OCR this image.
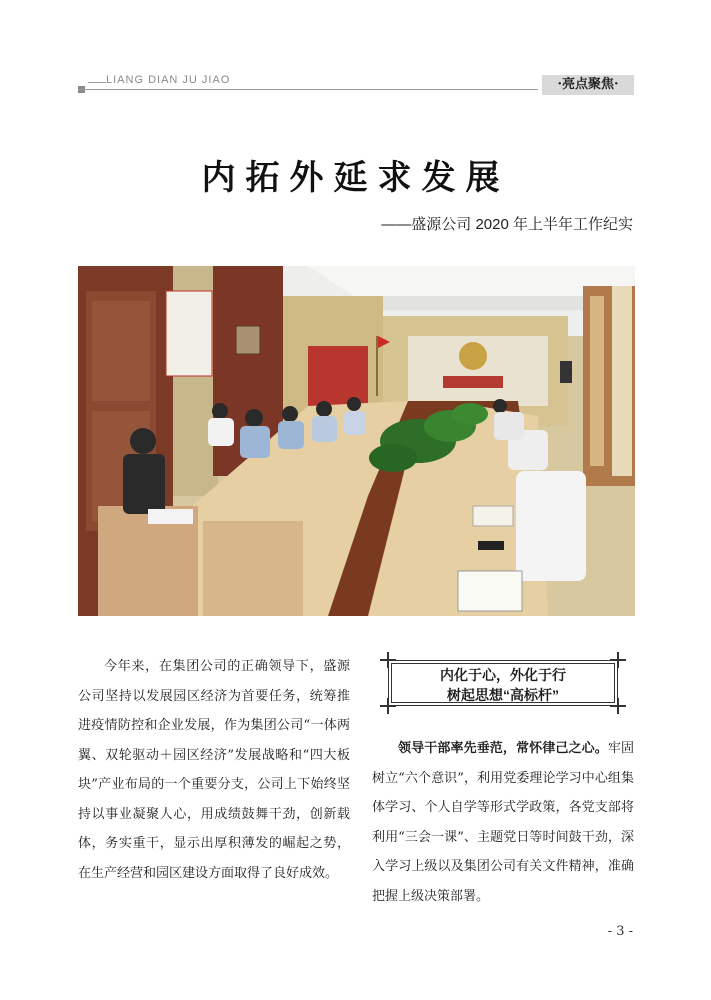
LIANG DIAN JU JIAO	·亮点聚焦·
内拓外延求发展
——盛源公司 2020 年上半年工作纪实

今年来，在集团公司的正确领导下，盛源公司坚持以发展园区经济为首要任务，统筹推进疫情防控和企业发展，作为集团公司“一体两翼、双轮驱动＋园区经济”发展战略和“四大板块”产业布局的一个重要分支，公司上下始终坚持以事业凝聚人心，用成绩鼓舞干劲，创新载体，务实重干，显示出厚积薄发的崛起之势，在生产经营和园区建设方面取得了良好成效。

内化于心，外化于行
树起思想“高标杆”

领导干部率先垂范，常怀律己之心。牢固树立“六个意识”，利用党委理论学习中心组集体学习、个人自学等形式学政策，各党支部将利用“三会一课”、主题党日等时间鼓干劲，深入学习上级以及集团公司有关文件精神，准确把握上级决策部署。

- 3 -
